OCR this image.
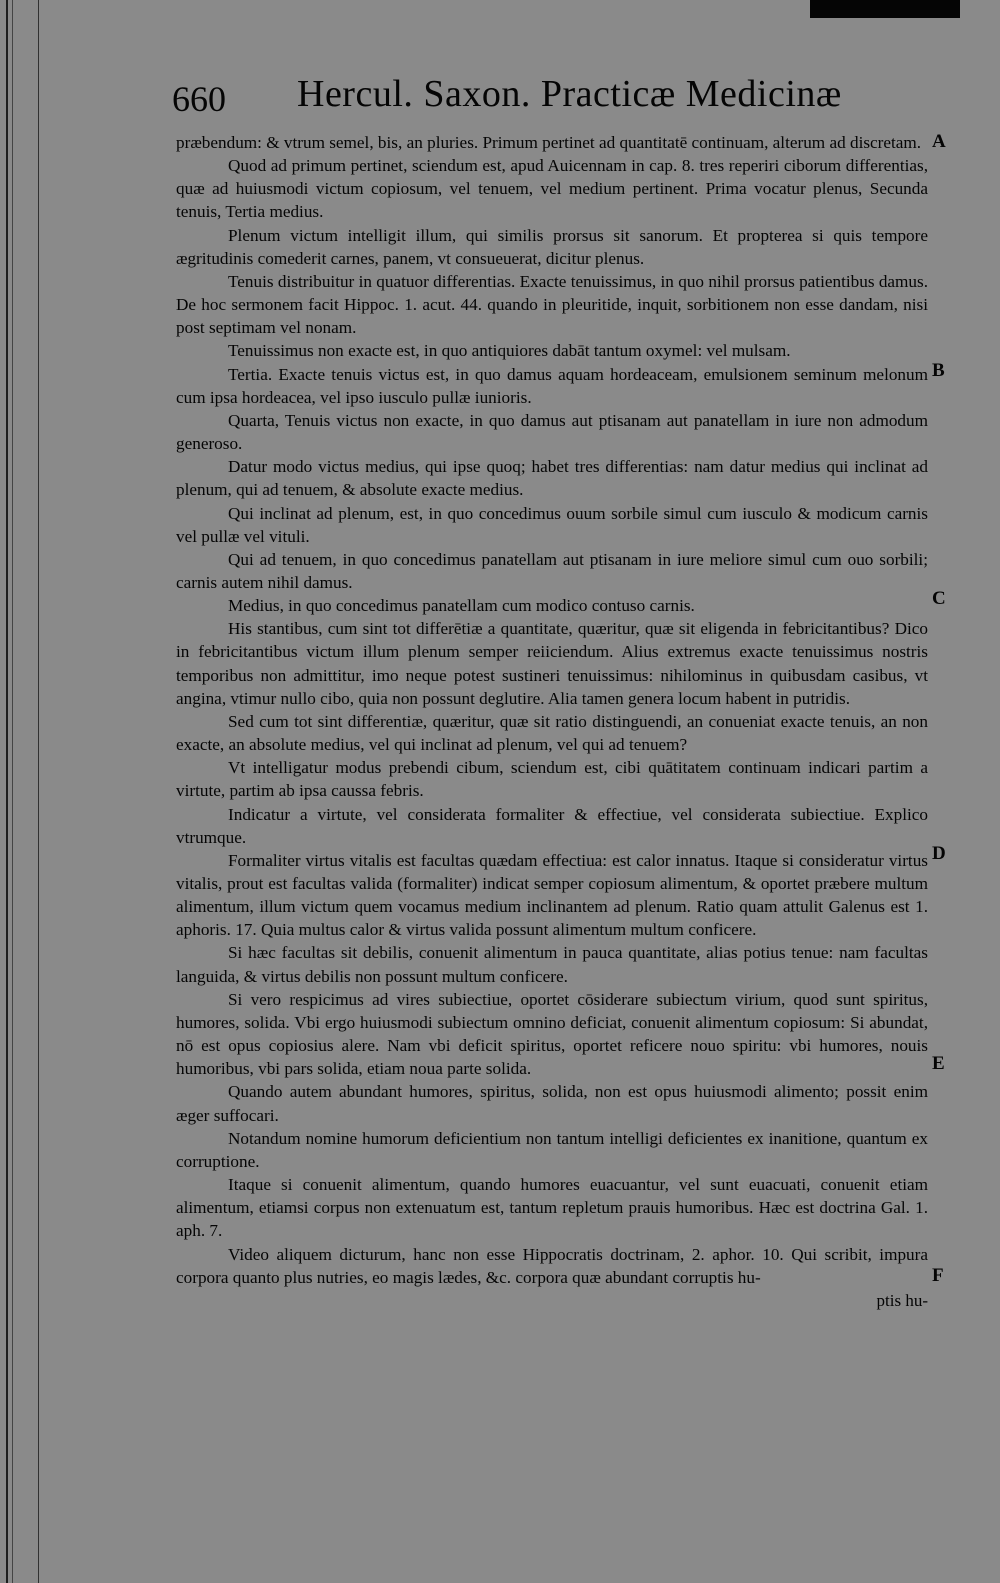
660 Hercul. Saxon. Practicæ Medicinæ
A
B
C
D
E
F

præbendum: & vtrum semel, bis, an pluries. Primum pertinet ad quantitatē continuam, alterum ad discretam.

Quod ad primum pertinet, sciendum est, apud Auicennam in cap. 8. tres reperiri ciborum differentias, quæ ad huiusmodi victum copiosum, vel tenuem, vel medium pertinent. Prima vocatur plenus, Secunda tenuis, Tertia medius.

Plenum victum intelligit illum, qui similis prorsus sit sanorum. Et propterea si quis tempore ægritudinis comederit carnes, panem, vt consueuerat, dicitur plenus.

Tenuis distribuitur in quatuor differentias. Exacte tenuissimus, in quo nihil prorsus patientibus damus. De hoc sermonem facit Hippoc. 1. acut. 44. quando in pleuritide, inquit, sorbitionem non esse dandam, nisi post septimam vel nonam.

Tenuissimus non exacte est, in quo antiquiores dabāt tantum oxymel: vel mulsam.

Tertia. Exacte tenuis victus est, in quo damus aquam hordeaceam, emulsionem seminum melonum cum ipsa hordeacea, vel ipso iusculo pullæ iunioris.

Quarta, Tenuis victus non exacte, in quo damus aut ptisanam aut panatellam in iure non admodum generoso.

Datur modo victus medius, qui ipse quoq; habet tres differentias: nam datur medius qui inclinat ad plenum, qui ad tenuem, & absolute exacte medius.

Qui inclinat ad plenum, est, in quo concedimus ouum sorbile simul cum iusculo & modicum carnis vel pullæ vel vituli.

Qui ad tenuem, in quo concedimus panatellam aut ptisanam in iure meliore simul cum ouo sorbili; carnis autem nihil damus.

Medius, in quo concedimus panatellam cum modico contuso carnis.

His stantibus, cum sint tot differētiæ a quantitate, quæritur, quæ sit eligenda in febricitantibus? Dico in febricitantibus victum illum plenum semper reiiciendum. Alius extremus exacte tenuissimus nostris temporibus non admittitur, imo neque potest sustineri tenuissimus: nihilominus in quibusdam casibus, vt angina, vtimur nullo cibo, quia non possunt deglutire. Alia tamen genera locum habent in putridis.

Sed cum tot sint differentiæ, quæritur, quæ sit ratio distinguendi, an conueniat exacte tenuis, an non exacte, an absolute medius, vel qui inclinat ad plenum, vel qui ad tenuem?

Vt intelligatur modus prebendi cibum, sciendum est, cibi quātitatem continuam indicari partim a virtute, partim ab ipsa caussa febris.

Indicatur a virtute, vel considerata formaliter & effectiue, vel considerata subiectiue. Explico vtrumque.

Formaliter virtus vitalis est facultas quædam effectiua: est calor innatus. Itaque si consideratur virtus vitalis, prout est facultas valida (formaliter) indicat semper copiosum alimentum, & oportet præbere multum alimentum, illum victum quem vocamus medium inclinantem ad plenum. Ratio quam attulit Galenus est 1. aphoris. 17. Quia multus calor & virtus valida possunt alimentum multum conficere.

Si hæc facultas sit debilis, conuenit alimentum in pauca quantitate, alias potius tenue: nam facultas languida, & virtus debilis non possunt multum conficere.

Si vero respicimus ad vires subiectiue, oportet cōsiderare subiectum virium, quod sunt spiritus, humores, solida. Vbi ergo huiusmodi subiectum omnino deficiat, conuenit alimentum copiosum: Si abundat, nō est opus copiosius alere. Nam vbi deficit spiritus, oportet reficere nouo spiritu: vbi humores, nouis humoribus, vbi pars solida, etiam noua parte solida.

Quando autem abundant humores, spiritus, solida, non est opus huiusmodi alimento; possit enim æger suffocari.

Notandum nomine humorum deficientium non tantum intelligi deficientes ex inanitione, quantum ex corruptione.

Itaque si conuenit alimentum, quando humores euacuantur, vel sunt euacuati, conuenit etiam alimentum, etiamsi corpus non extenuatum est, tantum repletum prauis humoribus. Hæc est doctrina Gal. 1. aph. 7.

Video aliquem dicturum, hanc non esse Hippocratis doctrinam, 2. aphor. 10. Qui scribit, impura corpora quanto plus nutries, eo magis lædes, &c. corpora quæ abundant corruptis hu-

ptis hu-
